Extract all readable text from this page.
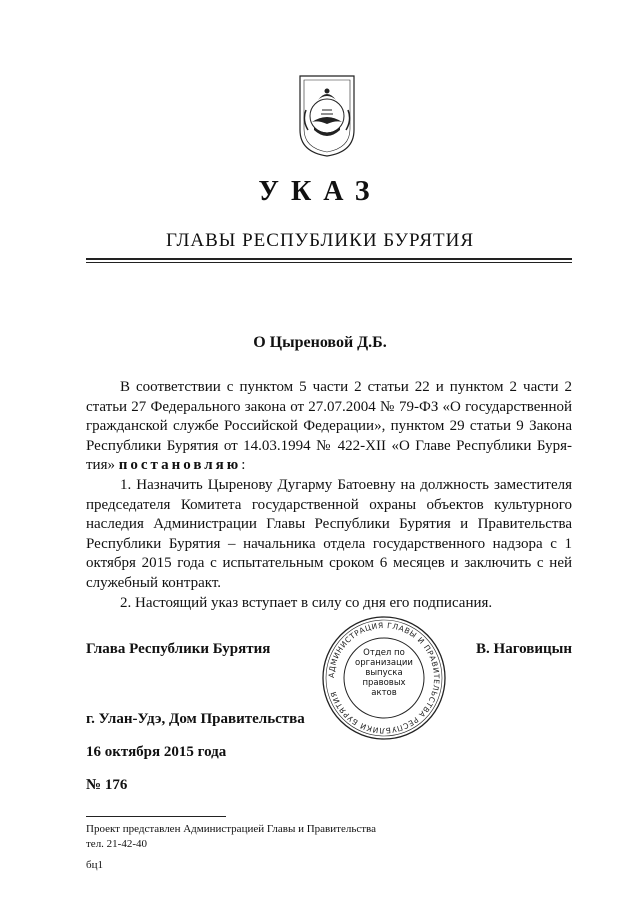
УКАЗ
ГЛАВЫ РЕСПУБЛИКИ БУРЯТИЯ
О Цыреновой Д.Б.
В соответствии с пунктом 5 части 2 статьи 22 и пунктом 2 части 2 статьи 27 Федерального закона от 27.07.2004 № 79-ФЗ «О государственной гражданской службе Российской Федерации», пунктом 29 статьи 9 Закона Республики Бурятия от 14.03.1994 № 422-XII «О Главе Республики Буря-тия» постановляю:
1. Назначить Цыренову Дугарму Батоевну на должность заместителя председателя Комитета государственной охраны объектов культурного наследия Администрации Главы Республики Бурятия и Правительства Республики Бурятия – начальника отдела государственного надзора с 1 октября 2015 года с испытательным сроком 6 месяцев и заключить с ней служебный контракт.
2. Настоящий указ вступает в силу со дня его подписания.
Глава Республики Бурятия	В. Наговицын
АДМИНИСТРАЦИЯ ГЛАВЫ И ПРАВИТЕЛЬСТВА РЕСПУБЛИКИ БУРЯТИЯ
Отдел по
организации
выпуска
правовых
актов
г. Улан-Удэ, Дом Правительства
16 октября 2015 года
№ 176
Проект представлен Администрацией Главы и Правительства
тел. 21-42-40
бц1
